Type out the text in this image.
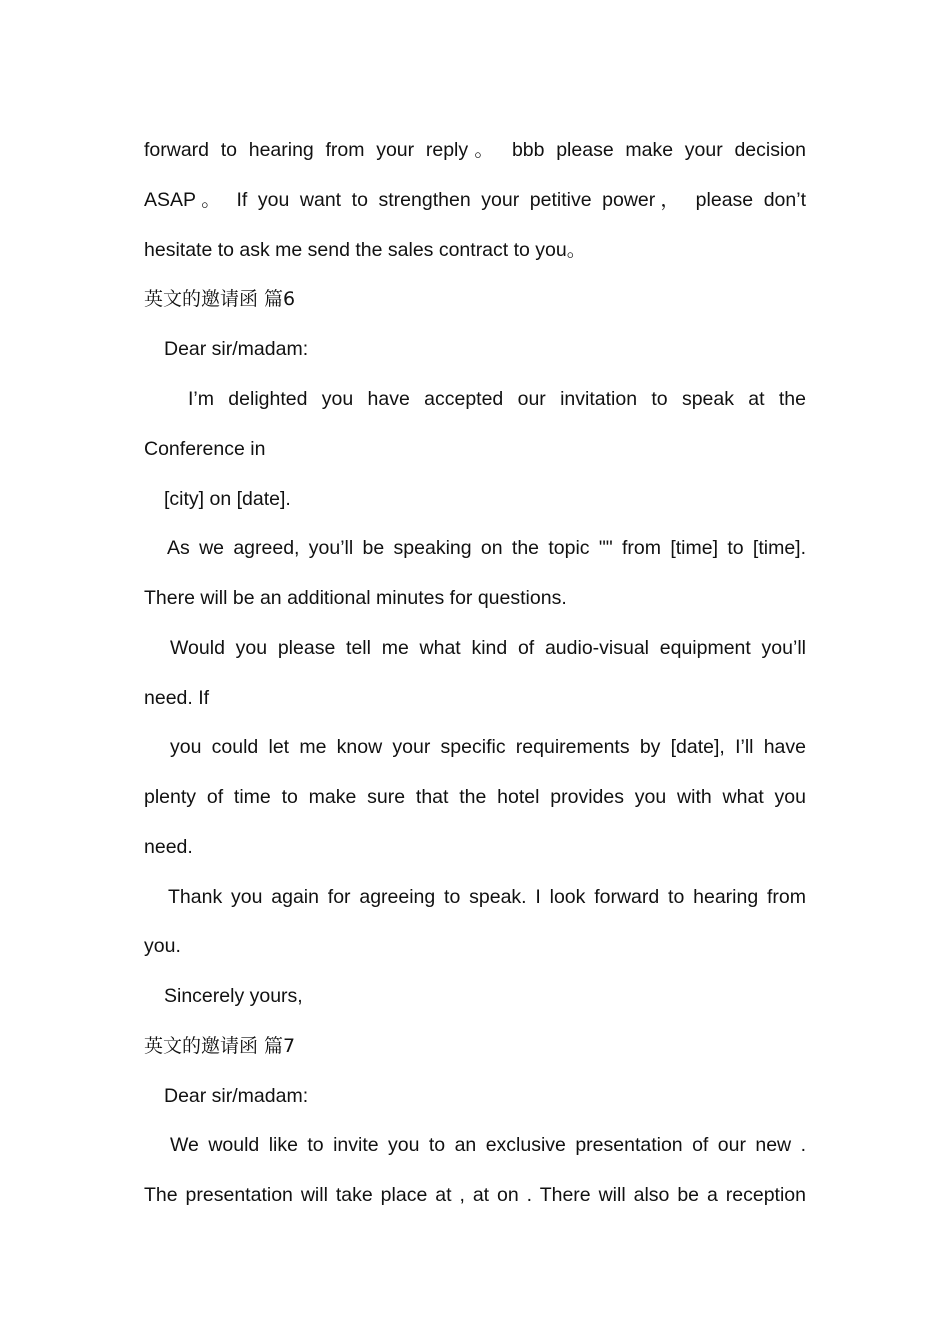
forward to hearing from your reply。 bbb please make your decision
ASAP。 If you want to strengthen your petitive power， please don’t
hesitate to ask me send the sales contract to you。
英文的邀请函 篇6
Dear sir/madam:
I’m delighted you have accepted our invitation to speak at the
Conference in
[city] on [date].
As we agreed, you’ll be speaking on the topic "" from [time] to [time].
There will be an additional minutes for questions.
Would you please tell me what kind of audio-visual equipment you’ll
need. If
you could let me know your specific requirements by [date], I’ll have
plenty of time to make sure that the hotel provides you with what you
need.
Thank you again for agreeing to speak. I look forward to hearing from
you.
Sincerely yours,
英文的邀请函 篇7
Dear sir/madam:
We would like to invite you to an exclusive presentation of our new .
The presentation will take place at , at on . There will also be a reception
